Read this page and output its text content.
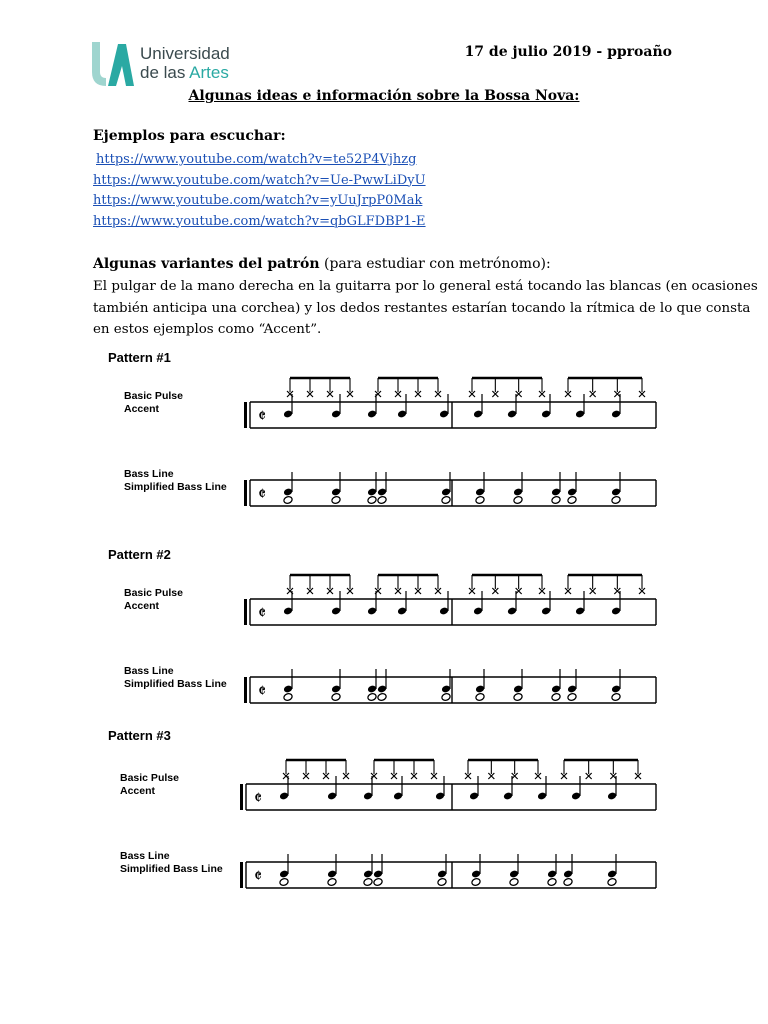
Universidad
de las Artes
17 de julio 2019 - pproaño
Algunas ideas e información sobre la Bossa Nova:
Ejemplos para escuchar:
https://www.youtube.com/watch?v=te52P4Vjhzg
https://www.youtube.com/watch?v=Ue-PwwLiDyU
https://www.youtube.com/watch?v=yUuJrpP0Mak
https://www.youtube.com/watch?v=qbGLFDBP1-E
Algunas variantes del patrón (para estudiar con metrónomo):
El pulgar de la mano derecha en la guitarra por lo general está tocando las blancas (en ocasiones
también anticipa una corchea) y los dedos restantes estarían tocando la rítmica de lo que consta
en estos ejemplos como “Accent”.
Pattern #1
Basic Pulse
Accent
Bass Line
Simplified Bass Line
𝄵
𝄵
Pattern #2
Basic Pulse
Accent
Bass Line
Simplified Bass Line
𝄵
𝄵
Pattern #3
Basic Pulse
Accent
Bass Line
Simplified Bass Line
𝄵
𝄵
